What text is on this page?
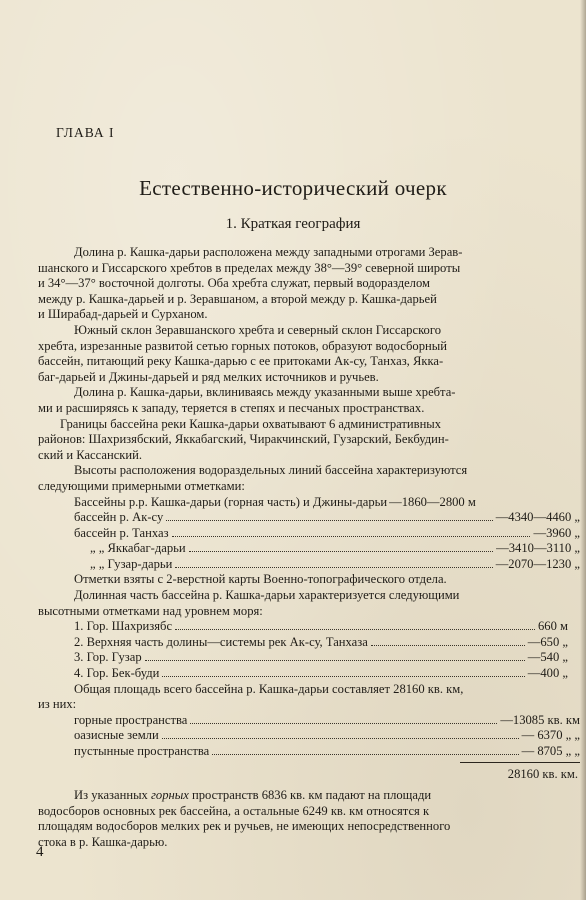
ГЛАВА I
Естественно-исторический очерк
1. Краткая география
Долина р. Кашка-дарьи расположена между западными отрогами Зерав-
шанского и Гиссарского хребтов в пределах между 38°—39° северной широты
и 34°—37° восточной долготы. Оба хребта служат, первый водоразделом
между р. Кашка-дарьей и р. Зеравшаном, а второй между р. Кашка-дарьей
и Ширабад-дарьей и Сурханом.
Южный склон Зеравшанского хребта и северный склон Гиссарского
хребта, изрезанные развитой сетью горных потоков, образуют водосборный
бассейн, питающий реку Кашка-дарью с ее притоками Ак-су, Танхаз, Якка-
баг-дарьей и Джины-дарьей и ряд мелких источников и ручьев.
Долина р. Кашка-дарьи, вклиниваясь между указанными выше хребта-
ми и расширяясь к западу, теряется в степях и песчаных пространствах.
Границы бассейна реки Кашка-дарьи охватывают 6 административных
районов: Шахризябский, Яккабагский, Чиракчинский, Гузарский, Бекбудин-
ский и Кассанский.
Высоты расположения водораздельных линий бассейна характеризуются
следующими примерными отметками:
Бассейны р.р. Кашка-дарьи (горная часть) и Джины-дарьи —1860—2800 м
бассейн р. Ак-су	—4340—4460 „
бассейн р. Танхаз	—3960 „
„ „ Яккабаг-дарьи	—3410—3110 „
„ „ Гузар-дарьи	—2070—1230 „
Отметки взяты с 2-верстной карты Военно-топографического отдела.
Долинная часть бассейна р. Кашка-дарьи характеризуется следующими
высотными отметками над уровнем моря:
1. Гор. Шахризябс	660 м
2. Верхняя часть долины—системы рек Ак-су, Танхаза	—650 „
3. Гор. Гузар	—540 „
4. Гор. Бек-буди	—400 „
Общая площадь всего бассейна р. Кашка-дарьи составляет 28160 кв. км,
из них:
горные пространства	—13085 кв. км
оазисные земли	— 6370 „ „
пустынные пространства	— 8705 „ „
28160 кв. км.
Из указанных горных пространств 6836 кв. км падают на площади
водосборов основных рек бассейна, а остальные 6249 кв. км относятся к
площадям водосборов мелких рек и ручьев, не имеющих непосредственного
стока в р. Кашка-дарью.
4
